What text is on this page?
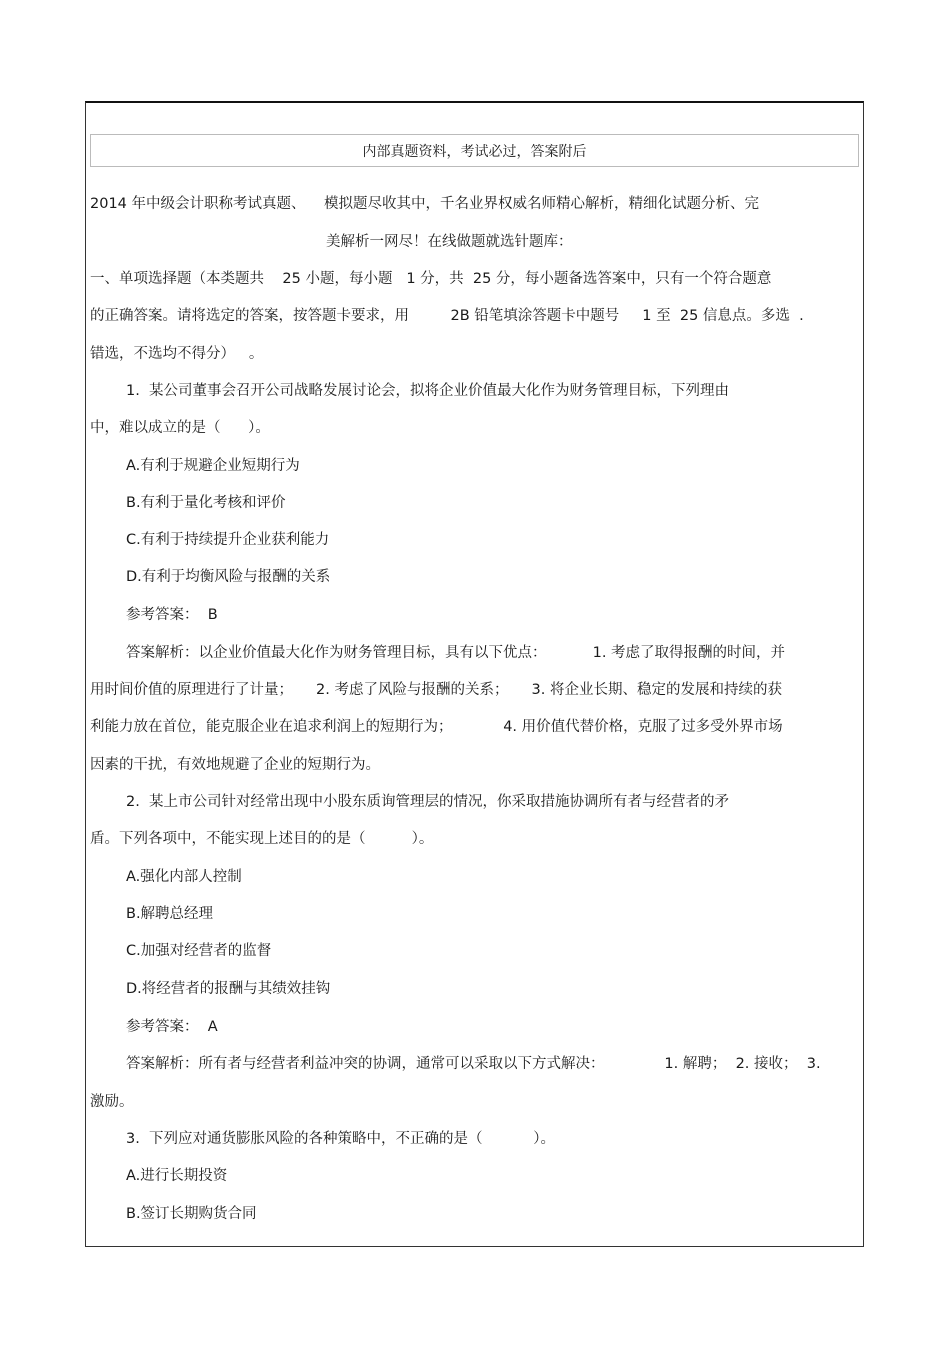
内部真题资料，考试必过，答案附后
2014 年中级会计职称考试真题、    模拟题尽收其中，千名业界权威名师精心解析，精细化试题分析、完
美解析一网尽！在线做题就选针题库：
一、单项选择题（本类题共    25 小题，每小题   1 分，共  25 分，每小题备选答案中，只有一个符合题意
的正确答案。请将选定的答案，按答题卡要求，用         2B 铅笔填涂答题卡中题号     1 至  25 信息点。多选  .
错选，不选均不得分）   。
1.  某公司董事会召开公司战略发展讨论会，拟将企业价值最大化作为财务管理目标，下列理由
中，难以成立的是（      ）。
A.有利于规避企业短期行为
B.有利于量化考核和评价
C.有利于持续提升企业获利能力
D.有利于均衡风险与报酬的关系
参考答案：  B
答案解析：以企业价值最大化作为财务管理目标，具有以下优点：          1. 考虑了取得报酬的时间，并
用时间价值的原理进行了计量；     2. 考虑了风险与报酬的关系；     3. 将企业长期、稳定的发展和持续的获
利能力放在首位，能克服企业在追求利润上的短期行为；           4. 用价值代替价格，克服了过多受外界市场
因素的干扰，有效地规避了企业的短期行为。
2.  某上市公司针对经常出现中小股东质询管理层的情况，你采取措施协调所有者与经营者的矛
盾。下列各项中，不能实现上述目的的是（          ）。
A.强化内部人控制
B.解聘总经理
C.加强对经营者的监督
D.将经营者的报酬与其绩效挂钩
参考答案：  A
答案解析：所有者与经营者利益冲突的协调，通常可以采取以下方式解决：             1. 解聘；  2. 接收；  3.
激励。
3.  下列应对通货膨胀风险的各种策略中，不正确的是（           ）。
A.进行长期投资
B.签订长期购货合同
